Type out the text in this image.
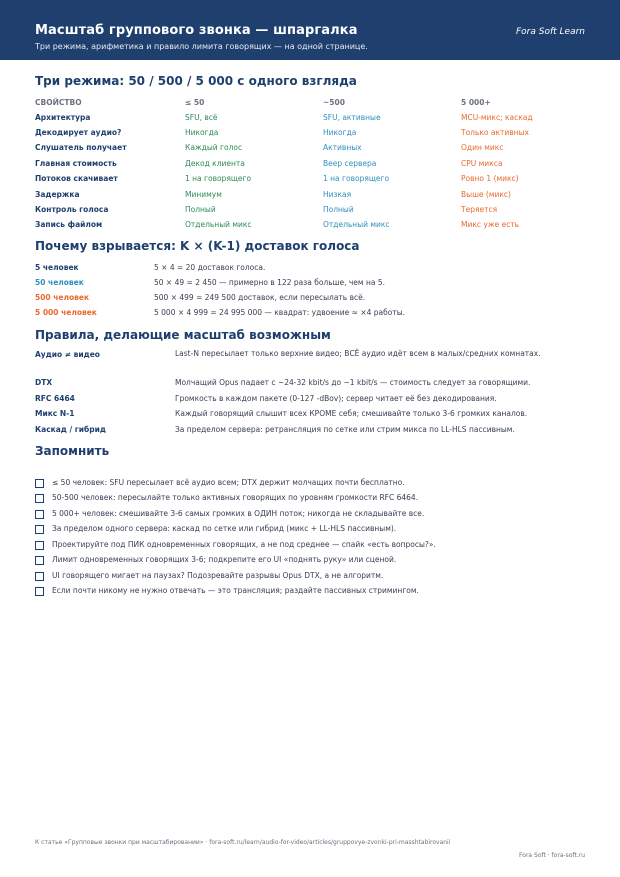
Масштаб группового звонка — шпаргалка
Три режима, арифметика и правило лимита говорящих — на одной странице.
Fora Soft Learn
Три режима: 50 / 500 / 5 000 с одного взгляда
СВОЙСТВО	≤ 50	~500	5 000+
Архитектура	SFU, всё	SFU, активные	MCU-микс; каскад
Декодирует аудио?	Никогда	Никогда	Только активных
Слушатель получает	Каждый голос	Активных	Один микс
Главная стоимость	Декод клиента	Веер сервера	CPU микса
Потоков скачивает	1 на говорящего	1 на говорящего	Ровно 1 (микс)
Задержка	Минимум	Низкая	Выше (микс)
Контроль голоса	Полный	Полный	Теряется
Запись файлом	Отдельный микс	Отдельный микс	Микс уже есть
Почему взрывается: K × (K-1) доставок голоса
5 человек	5 × 4 = 20 доставок голоса.
50 человек	50 × 49 = 2 450 — примерно в 122 раза больше, чем на 5.
500 человек	500 × 499 = 249 500 доставок, если пересылать всё.
5 000 человек	5 000 × 4 999 = 24 995 000 — квадрат: удвоение ≈ ×4 работы.
Правила, делающие масштаб возможным
Аудио ≠ видео	Last-N пересылает только верхние видео; ВСЁ аудио идёт всем в малых/средних комнатах.
DTX	Молчащий Opus падает с ~24-32 kbit/s до ~1 kbit/s — стоимость следует за говорящими.
RFC 6464	Громкость в каждом пакете (0-127 -dBov); сервер читает её без декодирования.
Микс N-1	Каждый говорящий слышит всех КРОМЕ себя; смешивайте только 3-6 громких каналов.
Каскад / гибрид	За пределом сервера: ретрансляция по сетке или стрим микса по LL-HLS пассивным.
Запомнить
≤ 50 человек: SFU пересылает всё аудио всем; DTX держит молчащих почти бесплатно.
50-500 человек: пересылайте только активных говорящих по уровням громкости RFC 6464.
5 000+ человек: смешивайте 3-6 самых громких в ОДИН поток; никогда не складывайте все.
За пределом одного сервера: каскад по сетке или гибрид (микс + LL-HLS пассивным).
Проектируйте под ПИК одновременных говорящих, а не под среднее — спайк «есть вопросы?».
Лимит одновременных говорящих 3-6; подкрепите его UI «поднять руку» или сценой.
UI говорящего мигает на паузах? Подозревайте разрывы Opus DTX, а не алгоритм.
Если почти никому не нужно отвечать — это трансляция; раздайте пассивных стримингом.
К статье «Групповые звонки при масштабировании» · fora-soft.ru/learn/audio-for-video/articles/gruppovye-zvonki-pri-masshtabirovanii
Fora Soft · fora-soft.ru
